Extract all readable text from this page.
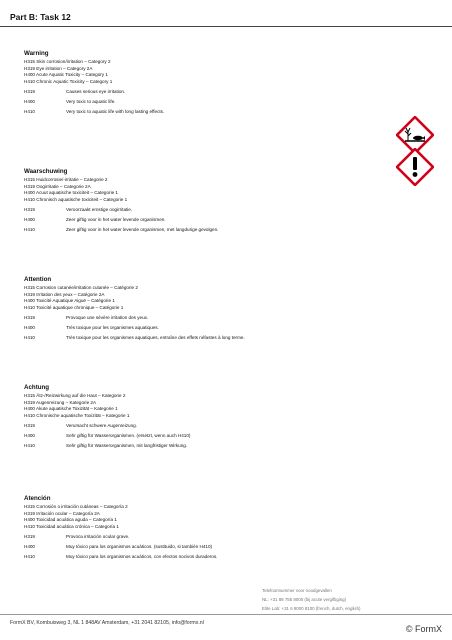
Part B: Task 12
Warning
H315 Skin corrosion/irritation – Category 2
H319 Eye irritation – Category 2A
H400 Acute Aquatic Toxicity – Category 1
H410 Chronic Aquatic Toxicity – Category 1
H319	Causes serious eye irritation.
H400	Very toxic to aquatic life.
H410	Very toxic to aquatic life with long lasting effects.
Waarschuwing
H315 Huidcorrosie/-irritatie – Categorie 2
H319 Oogirritatie – Categorie 2A
H400 Acuut aquatische toxiciteit – Categorie 1
H410 Chronisch aquatische toxiciteit – Categorie 1
H319	Veroorzaakt ernstige oogirritatie.
H400	Zeer giftig voor in het water levende organismen.
H410	Zeer giftig voor in het water levende organismen, met langdurige gevolgen.
Attention
H315 Corrosion cutanée/irritation cutanée – Catégorie 2
H319 Irritation des yeux – Catégorie 2A
H400 Toxicité Aquatique Aiguë – Catégorie 1
H410 Toxicité aquatique chronique – Catégorie 1
H319	Provoque une sévère irritation des yeux.
H400	Très toxique pour les organismes aquatiques.
H410	Très toxique pour les organismes aquatiques, entraîne des effets néfastes à long terme.
Achtung
H315 Ätz-/Reizwirkung auf die Haut – Kategorie 2
H319 Augenreizung – Kategorie 2A
H400 Akute aquatische Toxizität – Kategorie 1
H410 Chronische aquatische Toxizität – Kategorie 1
H319	Verursacht schwere Augenreizung.
H400	Sehr giftig für Wasserorganismen. (ersetzt, wenn auch H410)
H410	Sehr giftig für Wasserorganismen, mit langfristiger Wirkung.
Atención
H315 Corrosión o irritación cutáneas – Categoría 2
H319 Irritación ocular – Categoría 2A
H400 Toxicidad acuática aguda – Categoría 1
H410 Toxicidad acuática crónica – Categoría 1
H319	Provoca irritación ocular grave.
H400	Muy tóxico para los organismos acuáticos. (sustituido, si también H410)
H410	Muy tóxico para los organismos acuáticos, con efectos nocivos duraderos.
Telefoonnummer voor noodgevallen
NL: +31 88 755 8000 (bij acute vergiftiging)
Elite Lab: +31 6 8000 8100 (french, dutch, english)
FormX BV, Kombuisweg 3, NL 1 848AV Amsterdam, +31 2041 82105, info@formx.nl
© FormX
